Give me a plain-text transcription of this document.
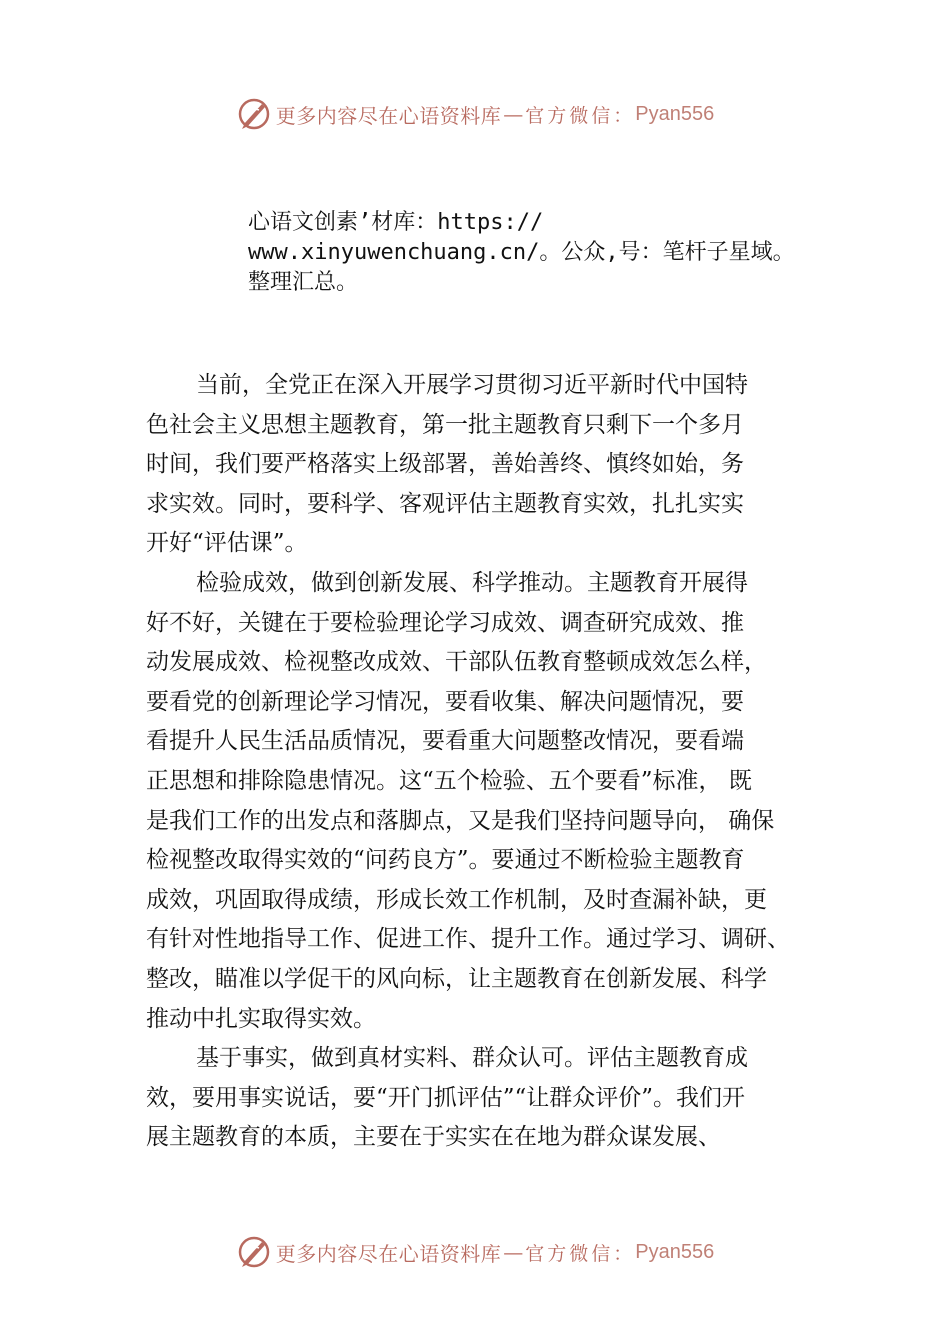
更多内容尽在心语资料库 — 官方微信： Pyan556
心语文创素’材库：https://
www.xinyuwenchuang.cn/。公众,号：笔杆子星域。
整理汇总。
当前，全党正在深入开展学习贯彻习近平新时代中国特
色社会主义思想主题教育，第一批主题教育只剩下一个多月
时间，我们要严格落实上级部署，善始善终、慎终如始，务
求实效。同时，要科学、客观评估主题教育实效，扎扎实实
开好“评估课”。
检验成效，做到创新发展、科学推动。主题教育开展得
好不好，关键在于要检验理论学习成效、调查研究成效、推
动发展成效、检视整改成效、干部队伍教育整顿成效怎么样，
要看党的创新理论学习情况，要看收集、解决问题情况，要
看提升人民生活品质情况，要看重大问题整改情况，要看端
正思想和排除隐患情况。这“五个检验、五个要看”标准， 既
是我们工作的出发点和落脚点，又是我们坚持问题导向， 确保
检视整改取得实效的“问药良方”。要通过不断检验主题教育
成效，巩固取得成绩，形成长效工作机制，及时查漏补缺，更
有针对性地指导工作、促进工作、提升工作。通过学习、调研、
整改，瞄准以学促干的风向标，让主题教育在创新发展、科学
推动中扎实取得实效。
基于事实，做到真材实料、群众认可。评估主题教育成
效，要用事实说话，要“开门抓评估”“让群众评价”。我们开
展主题教育的本质，主要在于实实在在地为群众谋发展、
更多内容尽在心语资料库 — 官方微信： Pyan556
